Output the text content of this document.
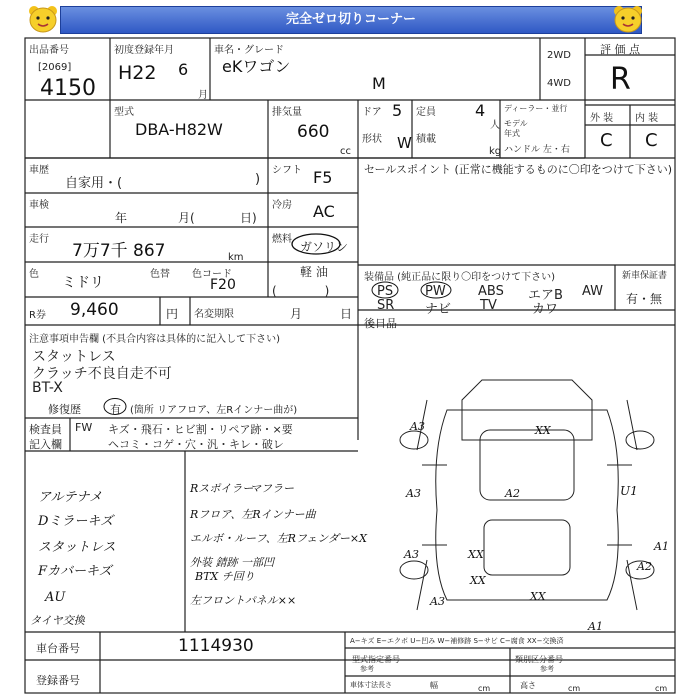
完全ゼロ切りコーナー
出品番号
[2069]
4150
初度登録年月
H22 6
月
車名・グレード
eKワゴン
M
2WD
4WD
評 価 点
R
外 装 内 装
C C
型式
DBA-H82W
排気量
660
cc
ドア 5
形状 W
定員 4
人
積載
kg
ディーラー・並行
モデル
年式
ハンドル 左・右
車歴
自家用・(	)
シフト F5	セールスポイント (正常に機能するものに〇印をつけて下さい)
車検
年	月(	日)
冷房 AC
走行
7万7千 867	km
燃料
ガソリン
軽 油
色
ミドリ
色替 色コード
F20	(　　　　)
装備品 (純正品に限り〇印をつけて下さい)
PS PW ABS エアB AW
SR ナビ TV	カワ
新車保証書
有・無
R券 9,460	円 名変期限	月	日
後日品
注意事項申告欄 (不具合内容は具体的に記入して下さい)
スタットレス
クラッチ不良自走不可
BT-X
修復歴	有 (箇所 リアフロア、左Rインナー曲が)
検査員
記入欄
FW キズ・飛石・ヒビ割・リペア跡・×要
ヘコミ・コゲ・穴・汎・キレ・破レ
アルテナメ
Dミラーキズ
スタットレス
Fカバーキズ
AU
Rスポイラー
マフラー
Rフロア、左Rインナー曲
エルボ・ルーフ、左Rフェンダー×X
外装 錆跡 一部凹
BTX チ回り
左フロントパネル××
タイヤ交換
A3	XX
A2
A3	U1
A3	XX
A1
A3
XX
A2
XX
A1
車台番号	1114930
登録番号
A−キズ E−エクボ U−凹み W−補修跡 S−サビ C−腐食 XX−交換済
型式指定番号	類別区分番号
参考	参考
車体寸法長さ	幅	高さ
cm	cm	cm
